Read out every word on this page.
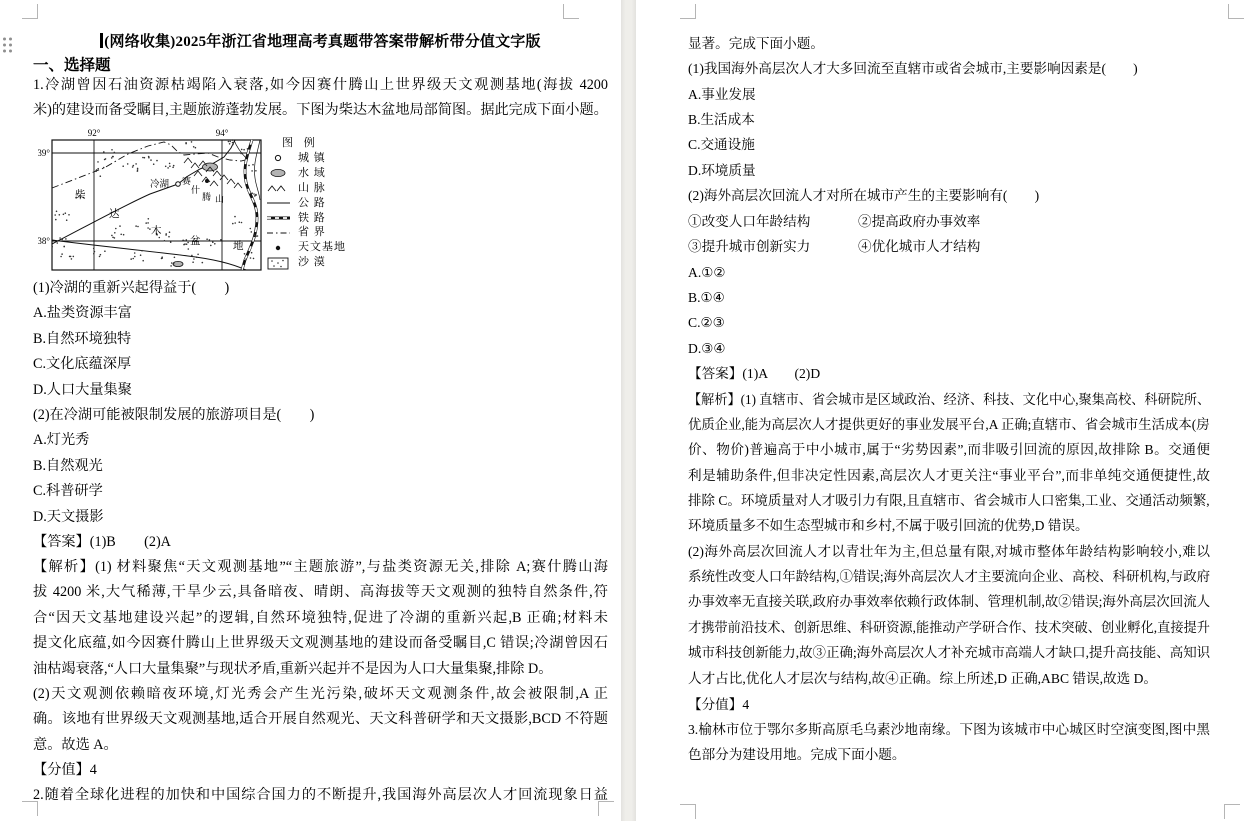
(网络收集)2025年浙江省地理高考真题带答案带解析带分值文字版
一、选择题
1.冷湖曾因石油资源枯竭陷入衰落,如今因赛什腾山上世界级天文观测基地(海拔 4200
米)的建设而备受瞩目,主题旅游蓬勃发展。下图为柴达木盆地局部简图。据此完成下面小题。
92°	94°
39°
38°
冷湖 赛
什
腾 山
柴
达
木
盆	地
图 例
城 镇
水 域
山 脉
公 路
铁 路
省 界
天文基地
沙 漠
(1)冷湖的重新兴起得益于(　　)
A.盐类资源丰富
B.自然环境独特
C.文化底蕴深厚
D.人口大量集聚
(2)在冷湖可能被限制发展的旅游项目是(　　)
A.灯光秀
B.自然观光
C.科普研学
D.天文摄影
【答案】(1)B　　(2)A
【解析】(1) 材料聚焦“天文观测基地”“主题旅游”,与盐类资源无关,排除 A;赛什腾山海
拔 4200 米,大气稀薄,干旱少云,具备暗夜、晴朗、高海拔等天文观测的独特自然条件,符
合“因天文基地建设兴起”的逻辑,自然环境独特,促进了冷湖的重新兴起,B 正确;材料未
提文化底蕴,如今因赛什腾山上世界级天文观测基地的建设而备受瞩目,C 错误;冷湖曾因石
油枯竭衰落,“人口大量集聚”与现状矛盾,重新兴起并不是因为人口大量集聚,排除 D。
(2)天文观测依赖暗夜环境,灯光秀会产生光污染,破坏天文观测条件,故会被限制,A 正
确。该地有世界级天文观测基地,适合开展自然观光、天文科普研学和天文摄影,BCD 不符题
意。故选 A。
【分值】4
2.随着全球化进程的加快和中国综合国力的不断提升,我国海外高层次人才回流现象日益
显著。完成下面小题。
(1)我国海外高层次人才大多回流至直辖市或省会城市,主要影响因素是(　　)
A.事业发展
B.生活成本
C.交通设施
D.环境质量
(2)海外高层次回流人才对所在城市产生的主要影响有(　　)
①改变人口年龄结构	②提高政府办事效率
③提升城市创新实力	④优化城市人才结构
A.①②
B.①④
C.②③
D.③④
【答案】(1)A　　(2)D
【解析】(1) 直辖市、省会城市是区域政治、经济、科技、文化中心,聚集高校、科研院所、
优质企业,能为高层次人才提供更好的事业发展平台,A 正确;直辖市、省会城市生活成本(房
价、物价)普遍高于中小城市,属于“劣势因素”,而非吸引回流的原因,故排除 B。交通便
利是辅助条件,但非决定性因素,高层次人才更关注“事业平台”,而非单纯交通便捷性,故
排除 C。环境质量对人才吸引力有限,且直辖市、省会城市人口密集,工业、交通活动频繁,
环境质量多不如生态型城市和乡村,不属于吸引回流的优势,D 错误。
(2)海外高层次回流人才以青壮年为主,但总量有限,对城市整体年龄结构影响较小,难以
系统性改变人口年龄结构,①错误;海外高层次人才主要流向企业、高校、科研机构,与政府
办事效率无直接关联,政府办事效率依赖行政体制、管理机制,故②错误;海外高层次回流人
才携带前沿技术、创新思维、科研资源,能推动产学研合作、技术突破、创业孵化,直接提升
城市科技创新能力,故③正确;海外高层次人才补充城市高端人才缺口,提升高技能、高知识
人才占比,优化人才层次与结构,故④正确。综上所述,D 正确,ABC 错误,故选 D。
【分值】4
3.榆林市位于鄂尔多斯高原毛乌素沙地南缘。下图为该城市中心城区时空演变图,图中黑
色部分为建设用地。完成下面小题。
